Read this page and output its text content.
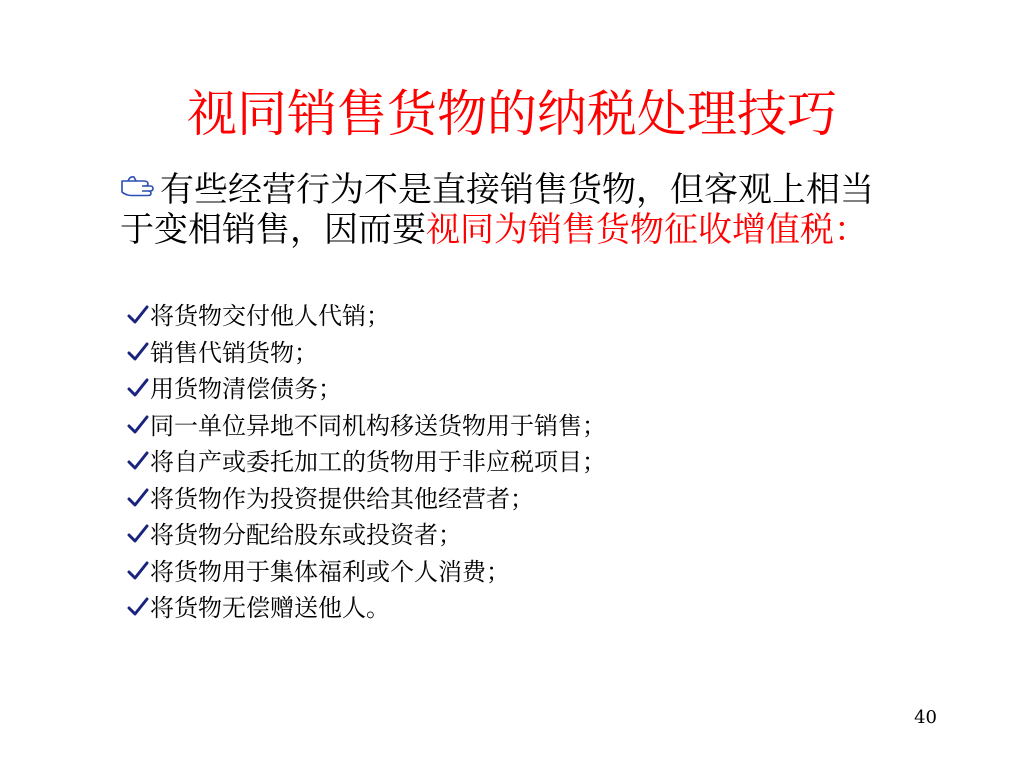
视同销售货物的纳税处理技巧
有些经营行为不是直接销售货物，但客观上相当于变相销售，因而要视同为销售货物征收增值税：
将货物交付他人代销；
销售代销货物；
用货物清偿债务；
同一单位异地不同机构移送货物用于销售；
将自产或委托加工的货物用于非应税项目；
将货物作为投资提供给其他经营者；
将货物分配给股东或投资者；
将货物用于集体福利或个人消费；
将货物无偿赠送他人。
40
